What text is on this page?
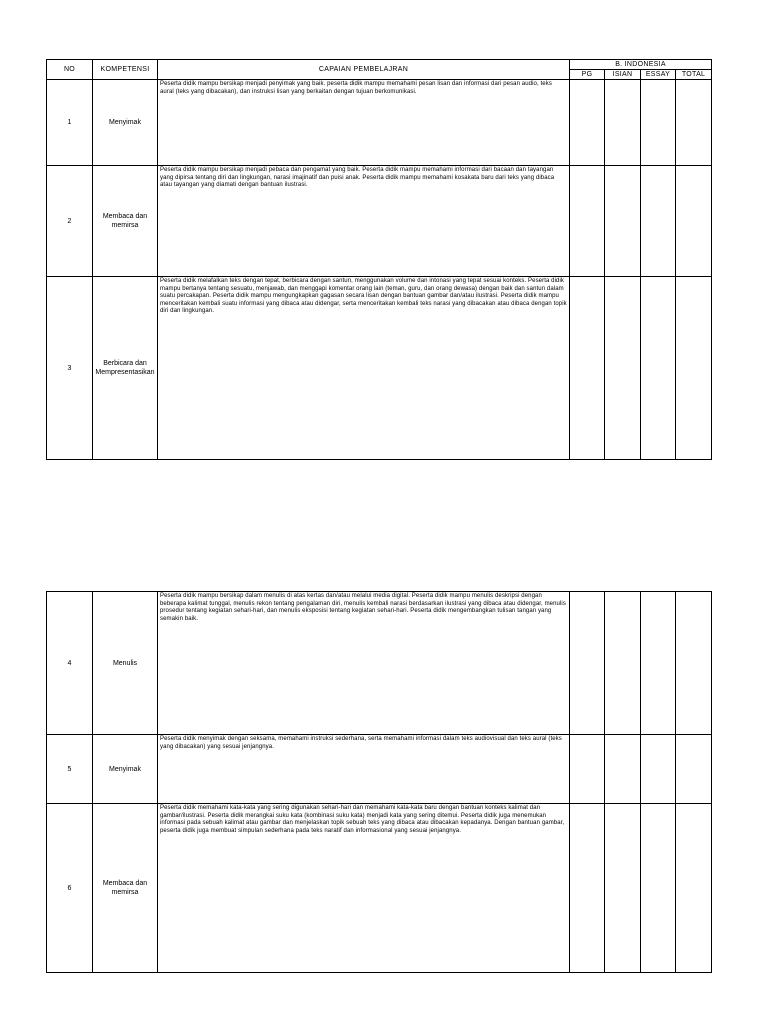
NO	KOMPETENSI	CAPAIAN PEMBELAJRAN	B. INDONESIA			
			PG	ISIAN	ESSAY	TOTAL
1	Menyimak	Peserta didik mampu bersikap menjadi penyimak yang baik. peserta didik mampu memahami pesan lisan dan informasi dari pesan audio, teks aural (teks yang dibacakan), dan instruksi lisan yang berkaitan dengan tujuan berkomunikasi.				
2	Membaca dan memirsa	Peserta didik mampu bersikap menjadi pebaca dan pengamat yang baik. Peserta didik mampu memahami informasi dari bacaan dan tayangan yang dipirsa tentang diri dan lingkungan, narasi imajinatif dan puisi anak. Peserta didik mampu memahami kosakata baru dari teks yang dibaca atau tayangan yang diamati dengan bantuan ilustrasi.				
3	Berbicara dan Mempresentasikan	Peserta didik melafalkan teks dengan tepat, berbicara dengan santun, menggunakan volume dan intonasi yang tepat sesuai konteks. Peserta didik mampu bertanya tentang sesuatu, menjawab, dan menggapi komentar orang lain (teman, guru, dan orang dewasa) dengan baik dan santun dalam suatu percakapan. Peserta didik mampu mengungkapkan gagasan secara lisan dengan bantuan gambar dan/atau ilustrasi. Peserta didik mampu menceritakan kembali suatu informasi yang dibaca atau didengar, serta menceritakan kembali teks narasi yang dibacakan atau dibaca dengan topik diri dan lingkungan.				
4	Menulis	Peserta didik mampu bersikap dalam menulis di atas kertas dan/atau melalui media digital. Peserta didik mampu menulis deskripsi dengan beberapa kalimat tunggal, menulis rekon tentang pengalaman diri, menulis kembali narasi berdasarkan ilustrasi yang dibaca atau didengar, menulis prosedur tentang kegiatan sehari-hari, dan menulis eksposisi tentang kegiatan sehari-hari. Peserta didik mengembangkan tulisan tangan yang semakin baik.				
5	Menyimak	Peserta didik menyimak dengan seksama, memahami instruksi sederhana, serta memahami informasi dalam teks audiovisual dan teks aural (teks yang dibacakan) yang sesuai jenjangnya.				
6	Membaca dan memirsa	Peserta didik memahami kata-kata yang sering digunakan sehari-hari dan memahami kata-kata baru dengan bantuan konteks kalimat dan gambar/ilustrasi. Peserta didik merangkai suku kata (kombinasi suku kata) menjadi kata yang sering ditemui. Peserta didik juga menemukan informasi pada sebuah kalimat atau gambar dan menjelaskan topik sebuah teks yang dibaca atau dibacakan kepadanya. Dengan bantuan gambar, peserta didik juga membuat simpulan sederhana pada teks naratif dan informasional yang sesuai jenjangnya.				
